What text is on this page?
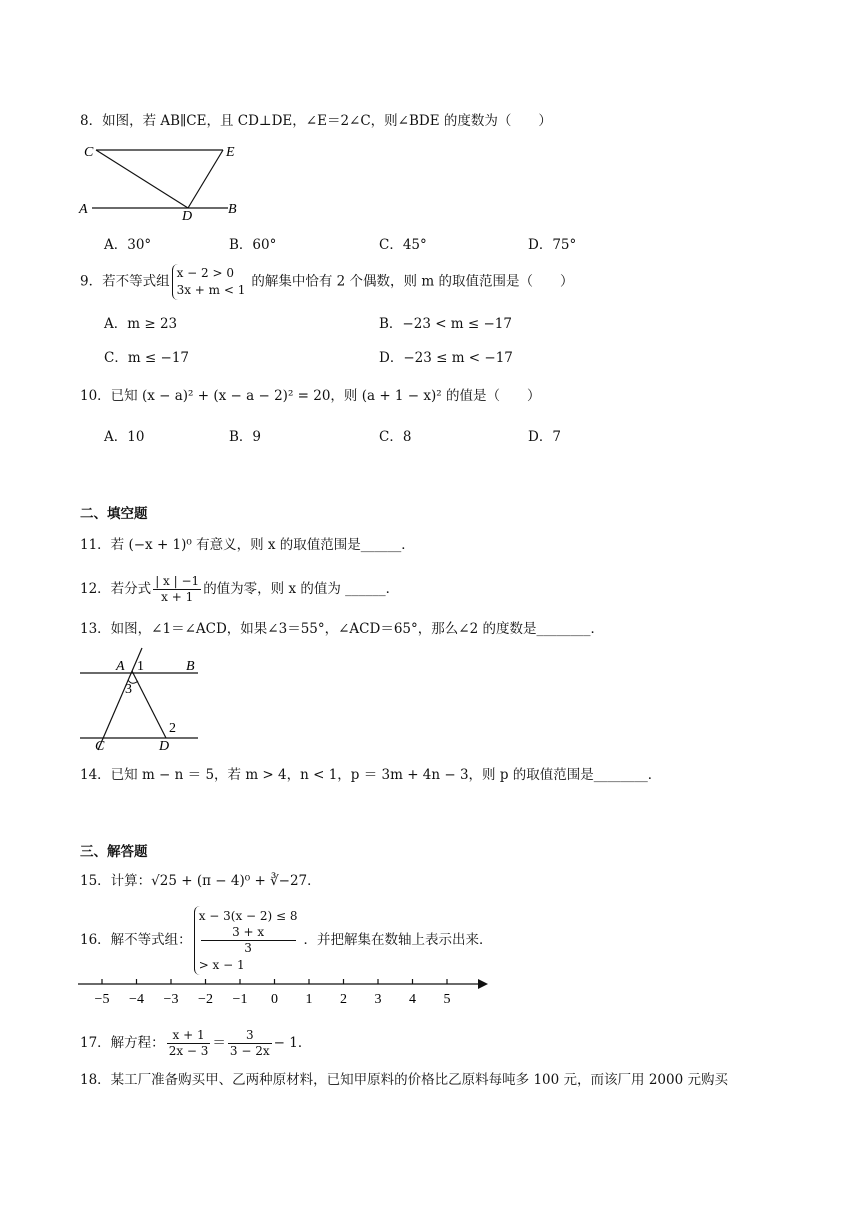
8．如图，若 AB∥CE，且 CD⊥DE，∠E＝2∠C，则∠BDE 的度数为（　　）
C	E
A	D	B
A．30°	B．60°	C．45°	D．75°
9．若不等式组
x − 2 > 0
3x + m < 1
的解集中恰有 2 个偶数，则 m 的取值范围是（　　）
A．m ≥ 23	B．−23 < m ≤ −17
C．m ≤ −17	D．−23 ≤ m < −17
10．已知 (x − a)² + (x − a − 2)² = 20，则 (a + 1 − x)² 的值是（　　）
A．10	B．9	C．8	D．7
二、填空题
11．若 (−x + 1)⁰ 有意义，则 x 的取值范围是______．
12．若分式 $\frac{| x | -1}{x + 1}$ 的值为零，则 x 的值为 ______．
13．如图，∠1＝∠ACD，如果∠3＝55°，∠ACD＝65°，那么∠2 的度数是________．
A 1	B
3
2
C	D
14．已知 m − n ＝ 5，若 m > 4，n < 1，p ＝ 3m + 4n − 3，则 p 的取值范围是________．
三、解答题
15．计算：√25 + (π − 4)⁰ + ∛−27．
16．解不等式组：
x − 3(x − 2) ≤ 8
3 + x
3
> x − 1
．并把解集在数轴上表示出来．
−5 −4 −3 −2 −1 0 1 2 3 4 5
17．解方程： $\frac{x + 1}{2x - 3} = \frac{3}{3 - 2x} - 1$．
18．某工厂准备购买甲、乙两种原材料，已知甲原料的价格比乙原料每吨多 100 元，而该厂用 2000 元购买
